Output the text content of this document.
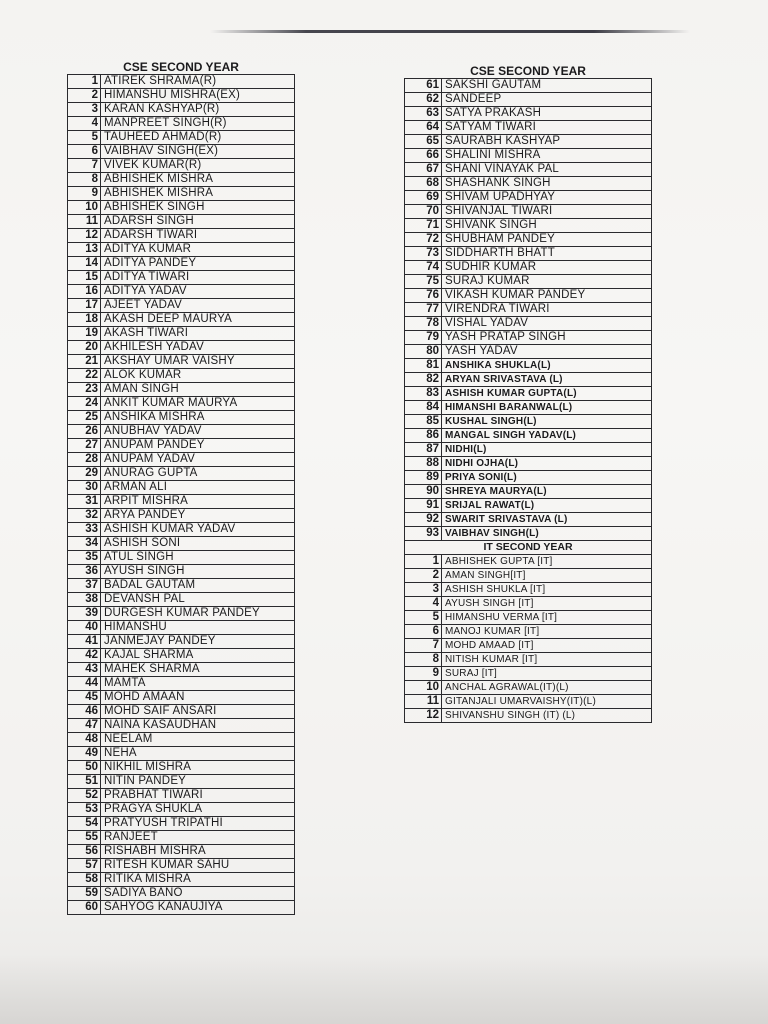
CSE SECOND YEAR
1	ATIREK SHRAMA(R)
2	HIMANSHU MISHRA(EX)
3	KARAN KASHYAP(R)
4	MANPREET SINGH(R)
5	TAUHEED AHMAD(R)
6	VAIBHAV SINGH(EX)
7	VIVEK KUMAR(R)
8	ABHISHEK MISHRA
9	ABHISHEK MISHRA
10	ABHISHEK SINGH
11	ADARSH SINGH
12	ADARSH TIWARI
13	ADITYA KUMAR
14	ADITYA PANDEY
15	ADITYA TIWARI
16	ADITYA YADAV
17	AJEET YADAV
18	AKASH DEEP MAURYA
19	AKASH TIWARI
20	AKHILESH YADAV
21	AKSHAY UMAR VAISHY
22	ALOK KUMAR
23	AMAN SINGH
24	ANKIT KUMAR MAURYA
25	ANSHIKA MISHRA
26	ANUBHAV YADAV
27	ANUPAM PANDEY
28	ANUPAM YADAV
29	ANURAG GUPTA
30	ARMAN ALI
31	ARPIT MISHRA
32	ARYA PANDEY
33	ASHISH KUMAR YADAV
34	ASHISH SONI
35	ATUL SINGH
36	AYUSH SINGH
37	BADAL GAUTAM
38	DEVANSH PAL
39	DURGESH KUMAR PANDEY
40	HIMANSHU
41	JANMEJAY PANDEY
42	KAJAL SHARMA
43	MAHEK SHARMA
44	MAMTA
45	MOHD AMAAN
46	MOHD SAIF ANSARI
47	NAINA KASAUDHAN
48	NEELAM
49	NEHA
50	NIKHIL MISHRA
51	NITIN PANDEY
52	PRABHAT TIWARI
53	PRAGYA SHUKLA
54	PRATYUSH TRIPATHI
55	RANJEET
56	RISHABH MISHRA
57	RITESH KUMAR SAHU
58	RITIKA MISHRA
59	SADIYA BANO
60	SAHYOG KANAUJIYA
CSE SECOND YEAR
61	SAKSHI GAUTAM
62	SANDEEP
63	SATYA PRAKASH
64	SATYAM TIWARI
65	SAURABH KASHYAP
66	SHALINI MISHRA
67	SHANI VINAYAK PAL
68	SHASHANK SINGH
69	SHIVAM UPADHYAY
70	SHIVANJAL TIWARI
71	SHIVANK SINGH
72	SHUBHAM PANDEY
73	SIDDHARTH BHATT
74	SUDHIR KUMAR
75	SURAJ KUMAR
76	VIKASH KUMAR PANDEY
77	VIRENDRA TIWARI
78	VISHAL YADAV
79	YASH PRATAP SINGH
80	YASH YADAV
81	ANSHIKA SHUKLA(L)
82	ARYAN SRIVASTAVA (L)
83	ASHISH KUMAR GUPTA(L)
84	HIMANSHI BARANWAL(L)
85	KUSHAL SINGH(L)
86	MANGAL SINGH YADAV(L)
87	NIDHI(L)
88	NIDHI OJHA(L)
89	PRIYA SONI(L)
90	SHREYA MAURYA(L)
91	SRIJAL RAWAT(L)
92	SWARIT SRIVASTAVA (L)
93	VAIBHAV SINGH(L)
IT SECOND YEAR	
1	ABHISHEK GUPTA [IT]
2	AMAN SINGH[IT]
3	ASHISH SHUKLA [IT]
4	AYUSH SINGH [IT]
5	HIMANSHU VERMA [IT]
6	MANOJ KUMAR [IT]
7	MOHD AMAAD [IT]
8	NITISH KUMAR [IT]
9	SURAJ [IT]
10	ANCHAL AGRAWAL(IT)(L)
11	GITANJALI UMARVAISHY(IT)(L)
12	SHIVANSHU SINGH (IT) (L)
